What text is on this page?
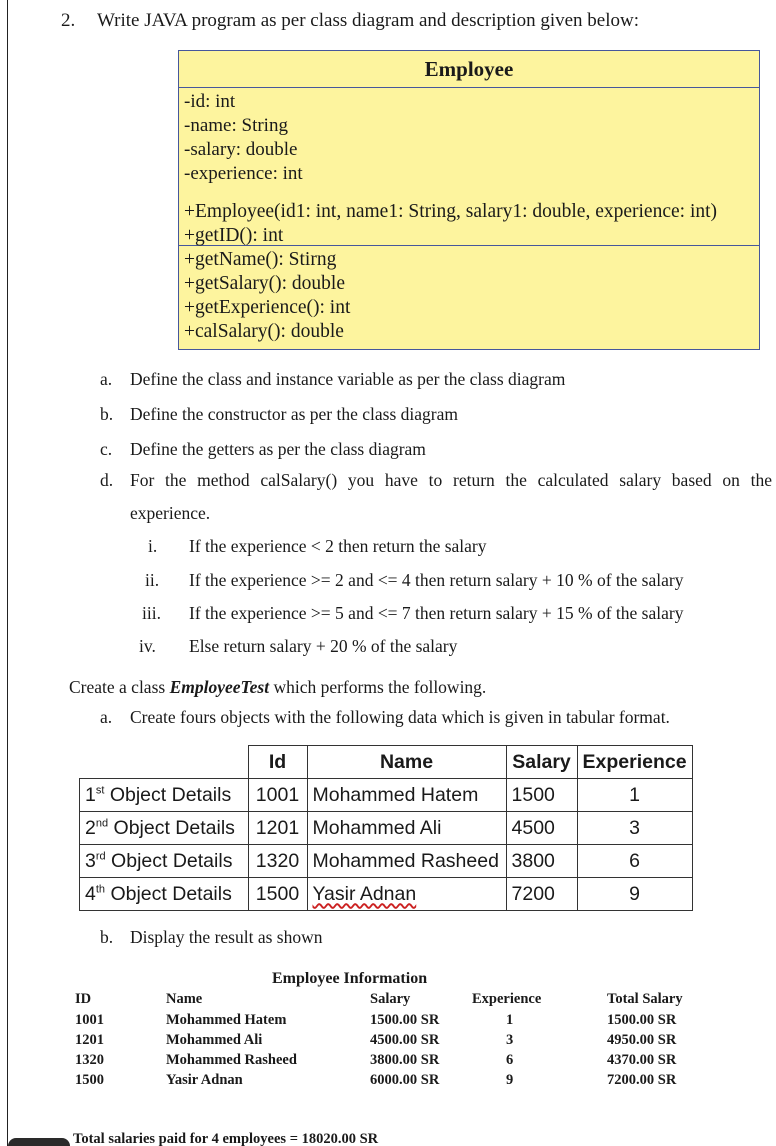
2. Write JAVA program as per class diagram and description given below:
Employee
-id: int
-name: String
-salary: double
-experience: int
+Employee(id1: int, name1: String, salary1: double, experience: int)
+getID(): int
+getName(): Stirng
+getSalary(): double
+getExperience(): int
+calSalary(): double
a. Define the class and instance variable as per the class diagram
b. Define the constructor as per the class diagram
c. Define the getters as per the class diagram
d. For the method calSalary() you have to return the calculated salary based on the
experience.
i. If the experience < 2 then return the salary
ii. If the experience >= 2 and <= 4 then return salary + 10 % of the salary
iii. If the experience >= 5 and <= 7 then return salary + 15 % of the salary
iv. Else return salary + 20 % of the salary
Create a class EmployeeTest which performs the following.
a. Create fours objects with the following data which is given in tabular format.
	Id	Name	Salary	Experience
1st Object Details	1001	Mohammed Hatem	1500	1
2nd Object Details	1201	Mohammed Ali	4500	3
3rd Object Details	1320	Mohammed Rasheed	3800	6
4th Object Details	1500	Yasir Adnan	7200	9
b. Display the result as shown
Employee Information
ID	Name	Salary	Experience	Total Salary
1001	Mohammed Hatem	1500.00 SR	1	1500.00 SR
1201	Mohammed Ali	4500.00 SR	3	4950.00 SR
1320	Mohammed Rasheed	3800.00 SR	6	4370.00 SR
1500	Yasir Adnan	6000.00 SR	9	7200.00 SR
Total salaries paid for 4 employees = 18020.00 SR
